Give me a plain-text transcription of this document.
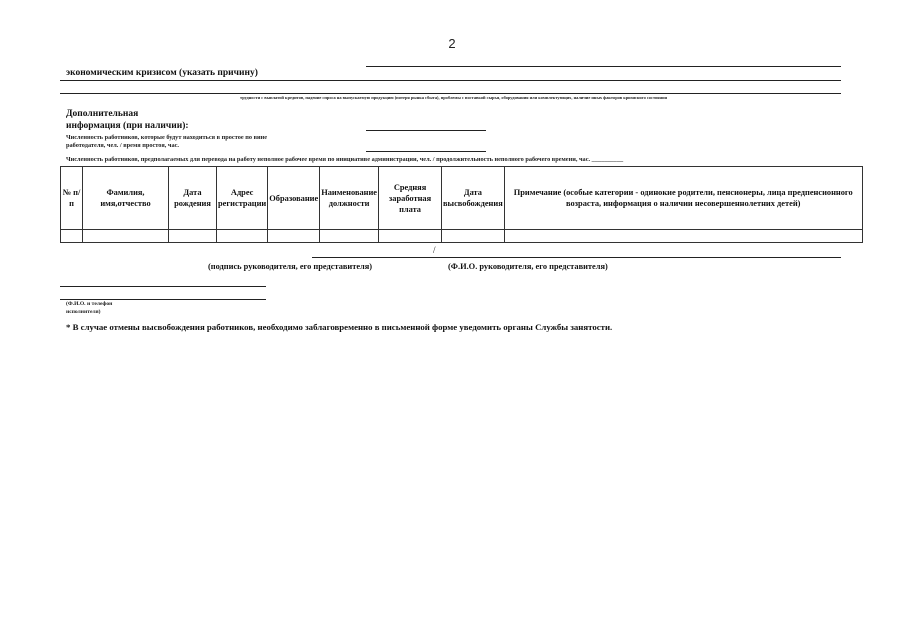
2
экономическим кризисом (указать причину)
трудности с выплатой кредитов, падение спроса на выпускаемую продукцию (потеря рынка сбыта), проблемы с поставкой сырья, оборудования или комплектующих, наличие иных факторов кризисного состояния
Дополнительная
информация (при наличии):
Численность работников, которые будут находиться в простое по вине
работодателя, чел. / время простоя, час.
Численность работников, предполагаемых для перевода на работу неполное рабочее время по инициативе администрации, чел. / продолжительность неполного рабочего времени, час. __________
№ п/п	Фамилия, имя,отчество	Дата рождения	Адрес регистрации	Образование	Наименование должности	Средняя заработная плата	Дата высвобождения	Примечание (особые категории - одинокие родители, пенсионеры, лица предпенсионного возраста, информация о наличии несовершеннолетних детей)

/
(подпись руководителя, его представителя)	(Ф.И.О. руководителя, его представителя)
(Ф.И.О. и телефон
исполнителя)
* В случае отмены высвобождения работников, необходимо заблаговременно в письменной форме уведомить органы Службы занятости.
